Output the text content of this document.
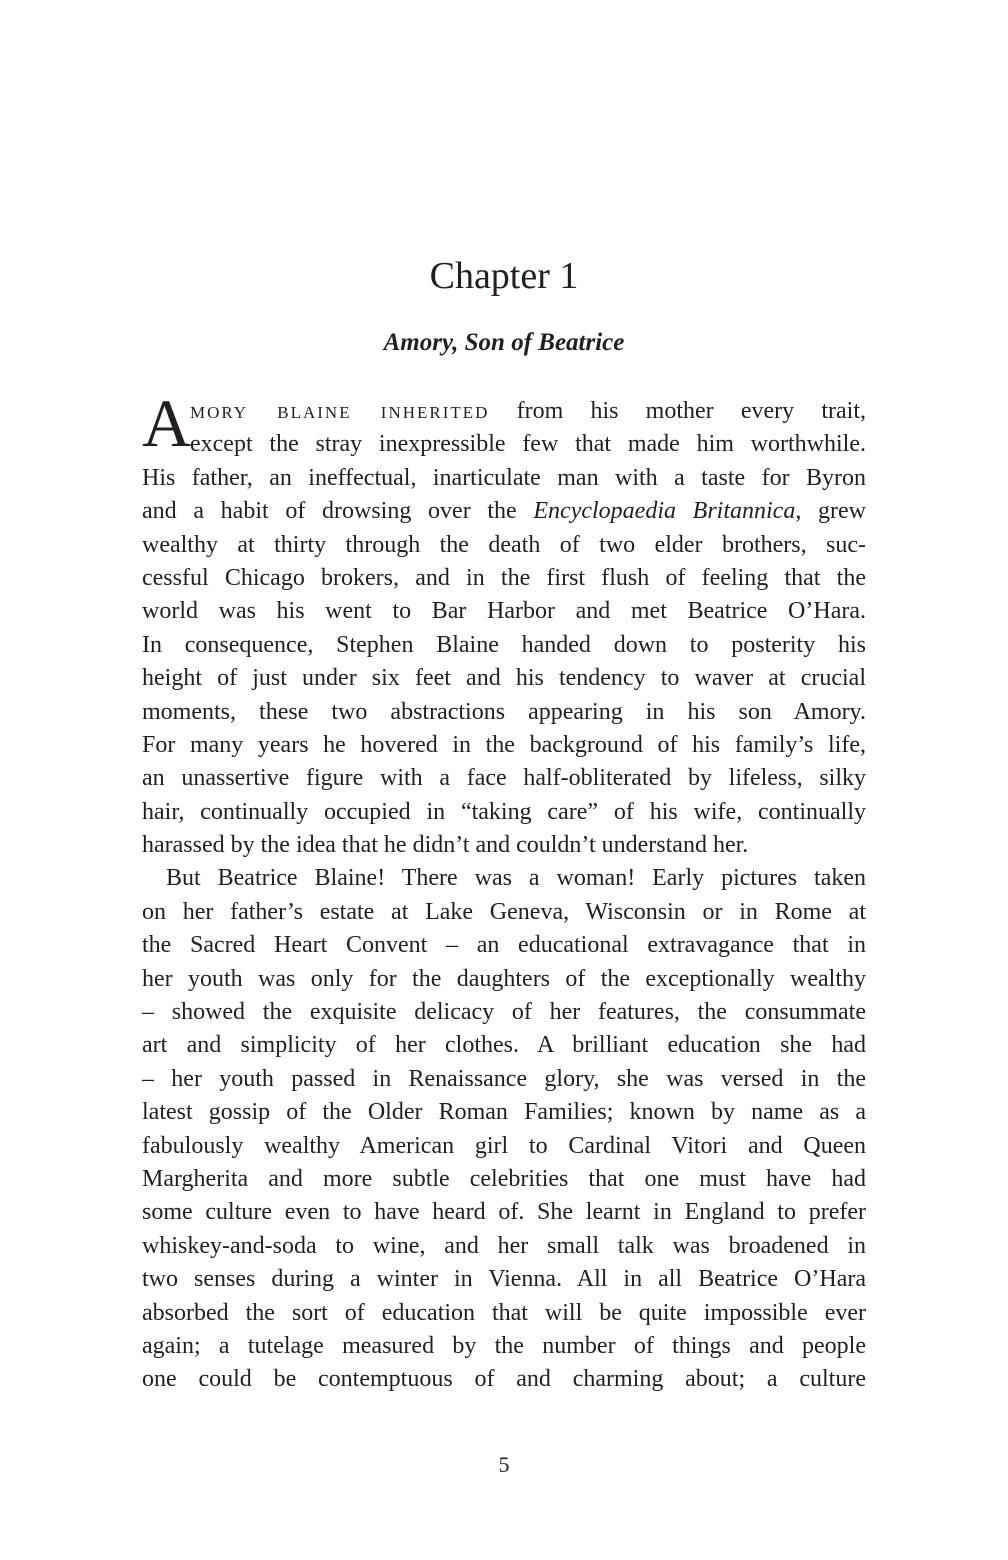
Chapter 1
Amory, Son of Beatrice
A
mory blaine inherited from his mother every trait,
except the stray inexpressible few that made him worthwhile.
His father, an ineffectual, inarticulate man with a taste for Byron
and a habit of drowsing over the Encyclopaedia Britannica, grew
wealthy at thirty through the death of two elder brothers, suc-
cessful Chicago brokers, and in the first flush of feeling that the
world was his went to Bar Harbor and met Beatrice O’Hara.
In consequence, Stephen Blaine handed down to posterity his
height of just under six feet and his tendency to waver at crucial
moments, these two abstractions appearing in his son Amory.
For many years he hovered in the background of his family’s life,
an unassertive figure with a face half-obliterated by lifeless, silky
hair, continually occupied in “taking care” of his wife, continually
harassed by the idea that he didn’t and couldn’t understand her.
But Beatrice Blaine! There was a woman! Early pictures taken
on her father’s estate at Lake Geneva, Wisconsin or in Rome at
the Sacred Heart Convent – an educational extravagance that in
her youth was only for the daughters of the exceptionally wealthy
– showed the exquisite delicacy of her features, the consummate
art and simplicity of her clothes. A brilliant education she had
– her youth passed in Renaissance glory, she was versed in the
latest gossip of the Older Roman Families; known by name as a
fabulously wealthy American girl to Cardinal Vitori and Queen
Margherita and more subtle celebrities that one must have had
some culture even to have heard of. She learnt in England to prefer
whiskey-and-soda to wine, and her small talk was broadened in
two senses during a winter in Vienna. All in all Beatrice O’Hara
absorbed the sort of education that will be quite impossible ever
again; a tutelage measured by the number of things and people
one could be contemptuous of and charming about; a culture
5
